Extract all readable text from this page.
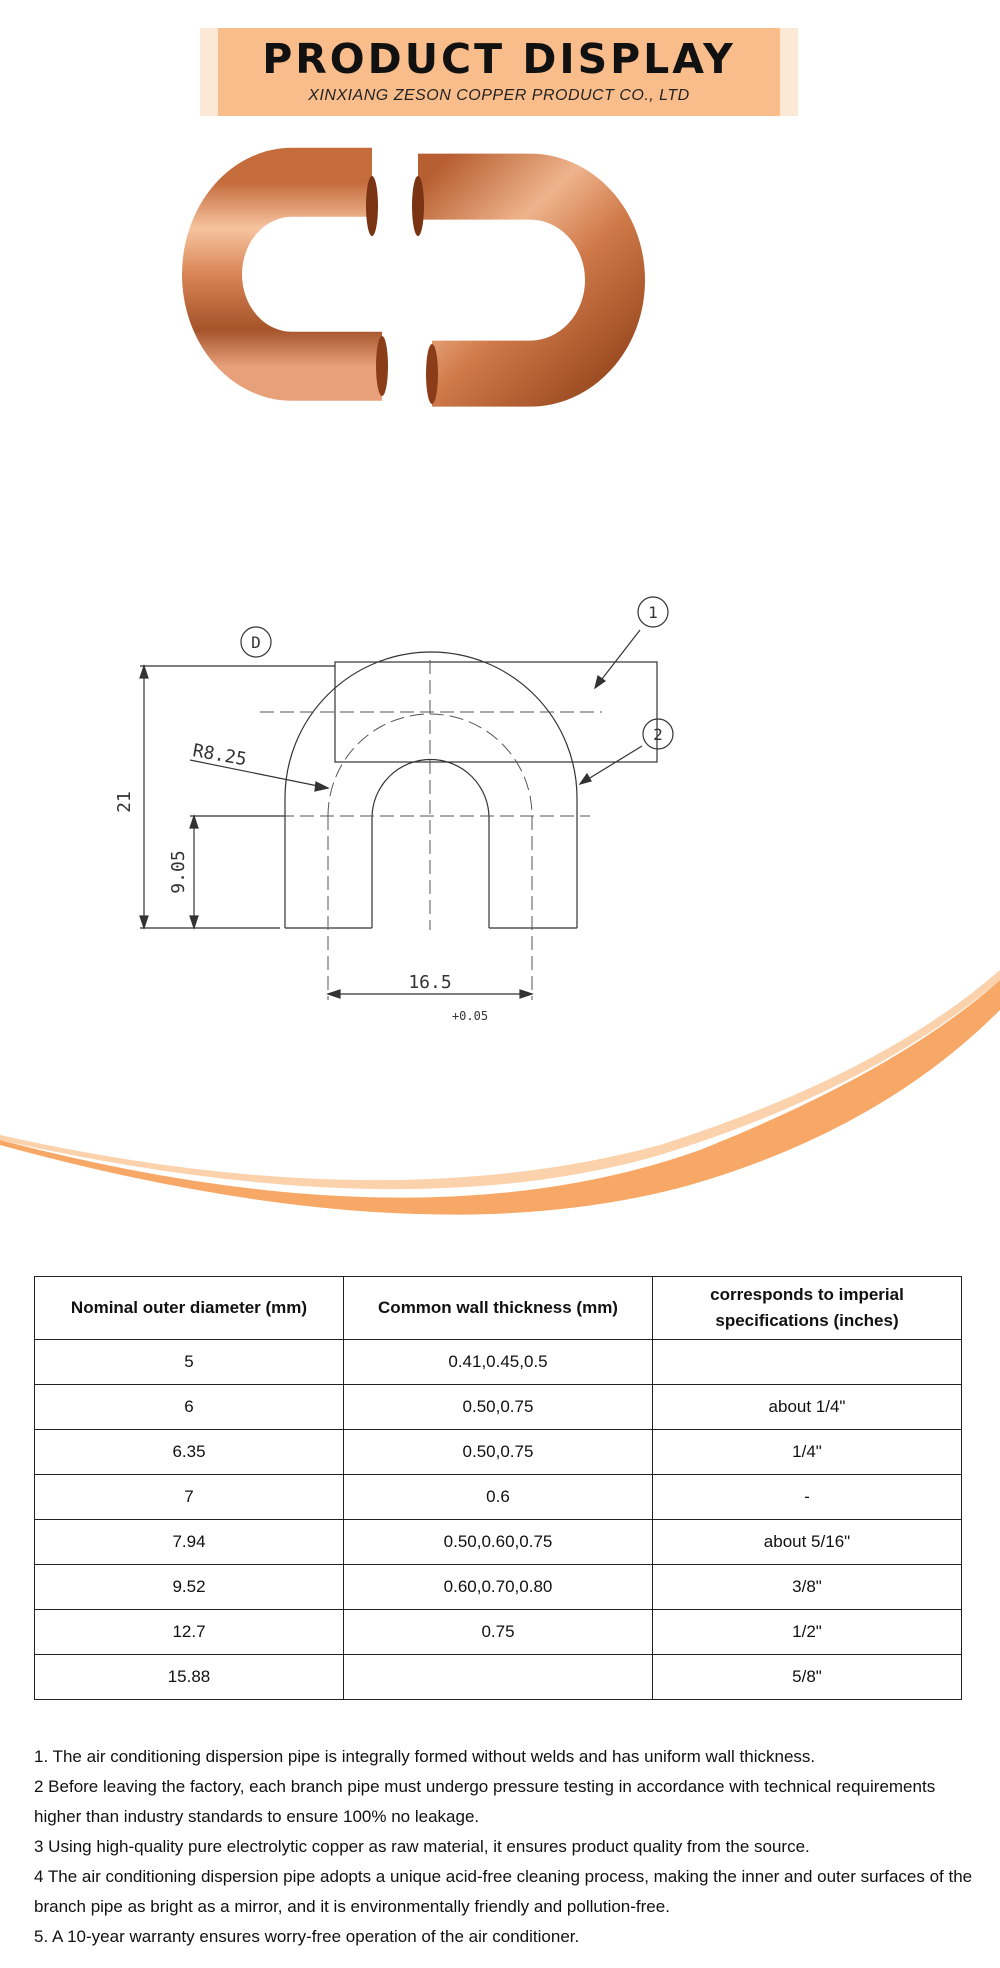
PRODUCT DISPLAY
XINXIANG ZESON COPPER PRODUCT CO., LTD
D
1
2
R8.25
21
9.05
16.5
+0.05
Nominal outer diameter (mm)	Common wall thickness (mm)	corresponds to imperial specifications (inches)
5	0.41,0.45,0.5	
6	0.50,0.75	about 1/4"
6.35	0.50,0.75	1/4"
7	0.6	-
7.94	0.50,0.60,0.75	about 5/16"
9.52	0.60,0.70,0.80	3/8"
12.7	0.75	1/2"
15.88		5/8"

1. The air conditioning dispersion pipe is integrally formed without welds and has uniform wall thickness.

2 Before leaving the factory, each branch pipe must undergo pressure testing in accordance with technical requirements higher than industry standards to ensure 100% no leakage.

3 Using high-quality pure electrolytic copper as raw material, it ensures product quality from the source.

4 The air conditioning dispersion pipe adopts a unique acid-free cleaning process, making the inner and outer surfaces of the branch pipe as bright as a mirror, and it is environmentally friendly and pollution-free.

5. A 10-year warranty ensures worry-free operation of the air conditioner.
